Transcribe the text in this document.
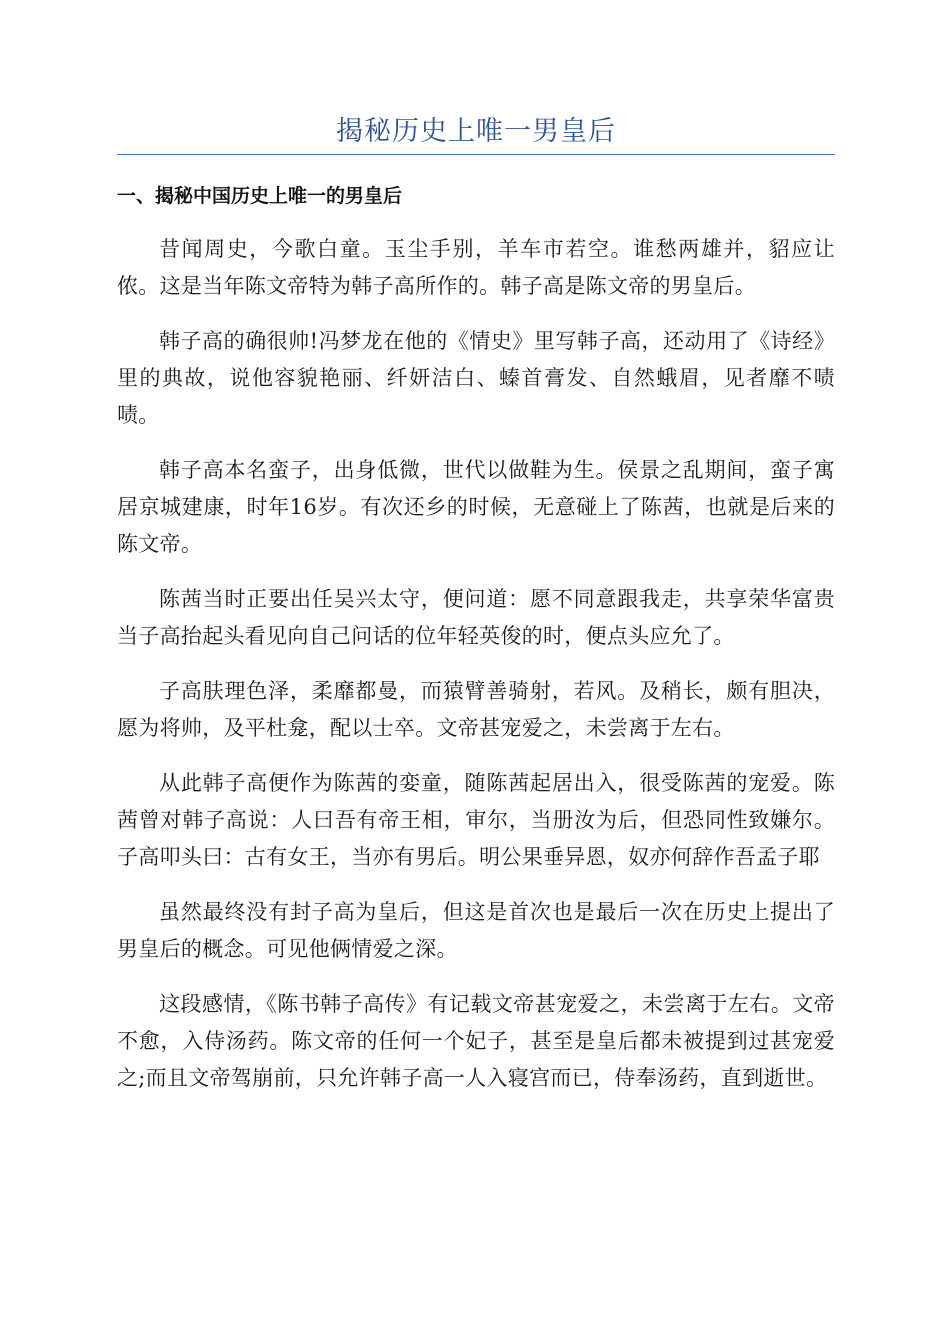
揭秘历史上唯一男皇后
一、揭秘中国历史上唯一的男皇后

昔闻周史，今歌白童。玉尘手别，羊车市若空。谁愁两雄并，貂应让侬。这是当年陈文帝特为韩子高所作的。韩子高是陈文帝的男皇后。

韩子高的确很帅!冯梦龙在他的《情史》里写韩子高，还动用了《诗经》里的典故，说他容貌艳丽、纤妍洁白、螓首膏发、自然蛾眉，见者靡不啧啧。

韩子高本名蛮子，出身低微，世代以做鞋为生。侯景之乱期间，蛮子寓居京城建康，时年16岁。有次还乡的时候，无意碰上了陈茜，也就是后来的陈文帝。

陈茜当时正要出任吴兴太守，便问道：愿不同意跟我走，共享荣华富贵当子高抬起头看见向自己问话的位年轻英俊的时，便点头应允了。

子高肤理色泽，柔靡都曼，而猿臂善骑射，若风。及稍长，颇有胆决，愿为将帅，及平杜龛，配以士卒。文帝甚宠爱之，未尝离于左右。

从此韩子高便作为陈茜的娈童，随陈茜起居出入，很受陈茜的宠爱。陈茜曾对韩子高说：人曰吾有帝王相，审尔，当册汝为后，但恐同性致嫌尔。子高叩头曰：古有女王，当亦有男后。明公果垂异恩，奴亦何辞作吾孟子耶

虽然最终没有封子高为皇后，但这是首次也是最后一次在历史上提出了男皇后的概念。可见他俩情爱之深。

这段感情，《陈书韩子高传》有记载文帝甚宠爱之，未尝离于左右。文帝不愈，入侍汤药。陈文帝的任何一个妃子，甚至是皇后都未被提到过甚宠爱之;而且文帝驾崩前，只允许韩子高一人入寝宫而已，侍奉汤药，直到逝世。
